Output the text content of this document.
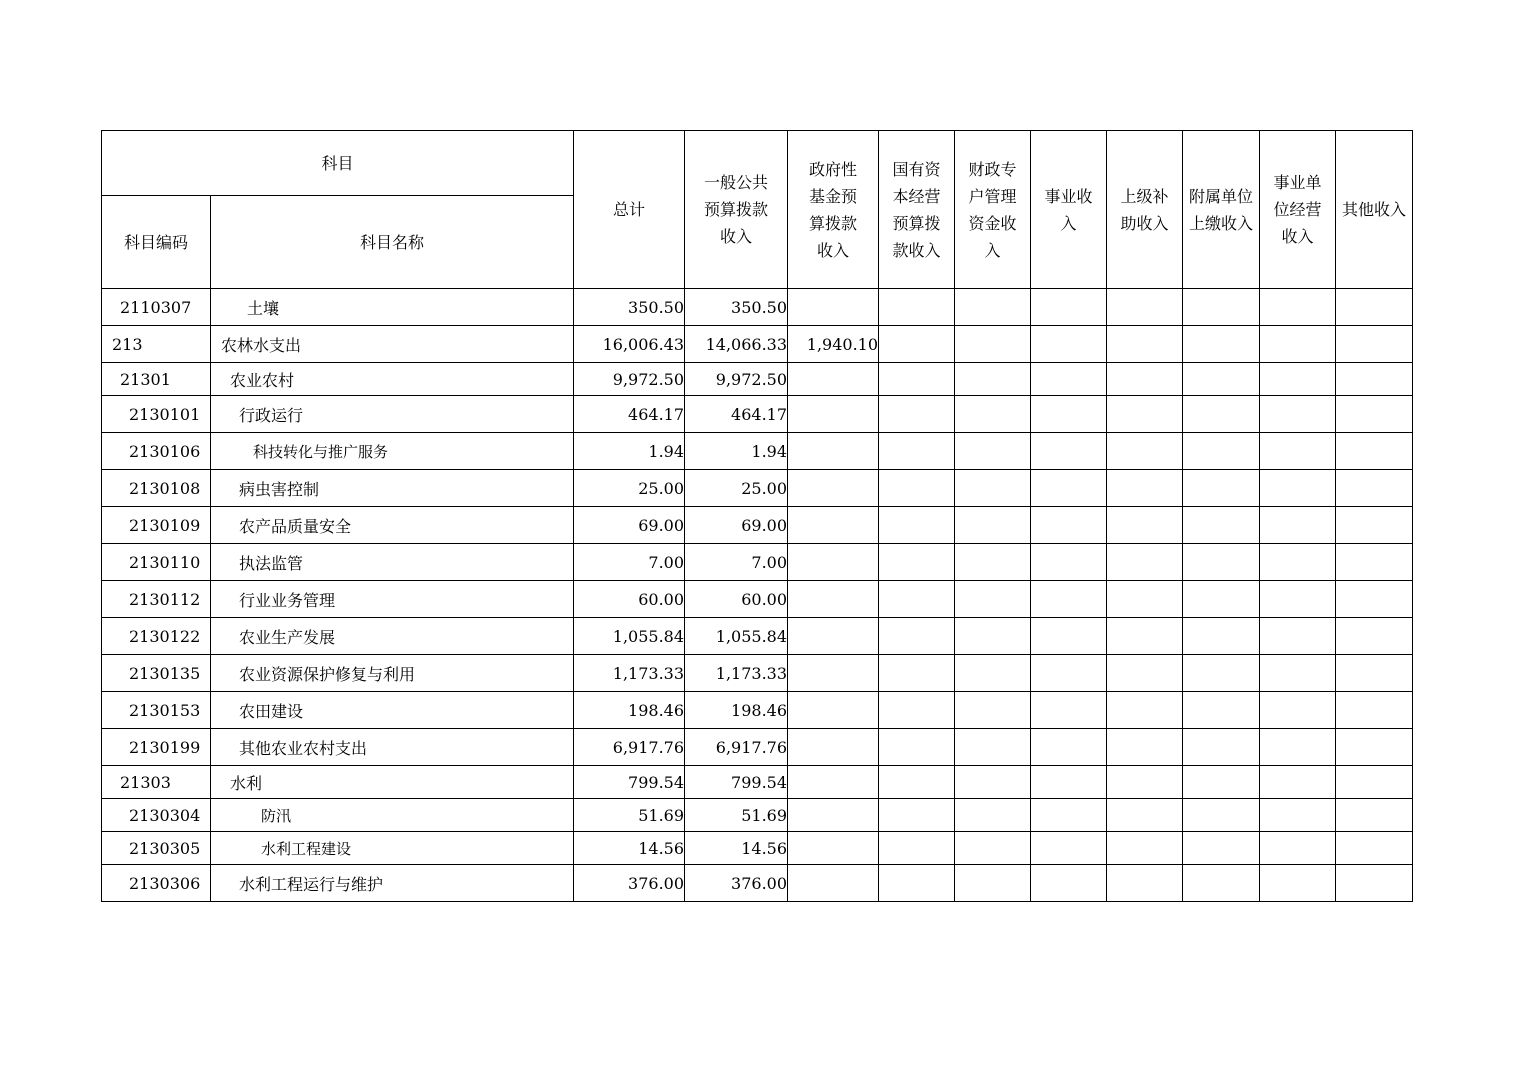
科目		总计	一般公共预算拨款收入	政府性基金预算拨款收入	国有资本经营预算拨款收入	财政专户管理资金收入	事业收入	上级补助收入	附属单位上缴收入	事业单位经营收入	其他收入
科目编码	科目名称										
2110307	土壤	350.50	350.50								
213	农林水支出	16,006.43	14,066.33	1,940.10							
21301	农业农村	9,972.50	9,972.50								
2130101	行政运行	464.17	464.17								
2130106	科技转化与推广服务	1.94	1.94								
2130108	病虫害控制	25.00	25.00								
2130109	农产品质量安全	69.00	69.00								
2130110	执法监管	7.00	7.00								
2130112	行业业务管理	60.00	60.00								
2130122	农业生产发展	1,055.84	1,055.84								
2130135	农业资源保护修复与利用	1,173.33	1,173.33								
2130153	农田建设	198.46	198.46								
2130199	其他农业农村支出	6,917.76	6,917.76								
21303	水利	799.54	799.54								
2130304	防汛	51.69	51.69								
2130305	水利工程建设	14.56	14.56								
2130306	水利工程运行与维护	376.00	376.00								
